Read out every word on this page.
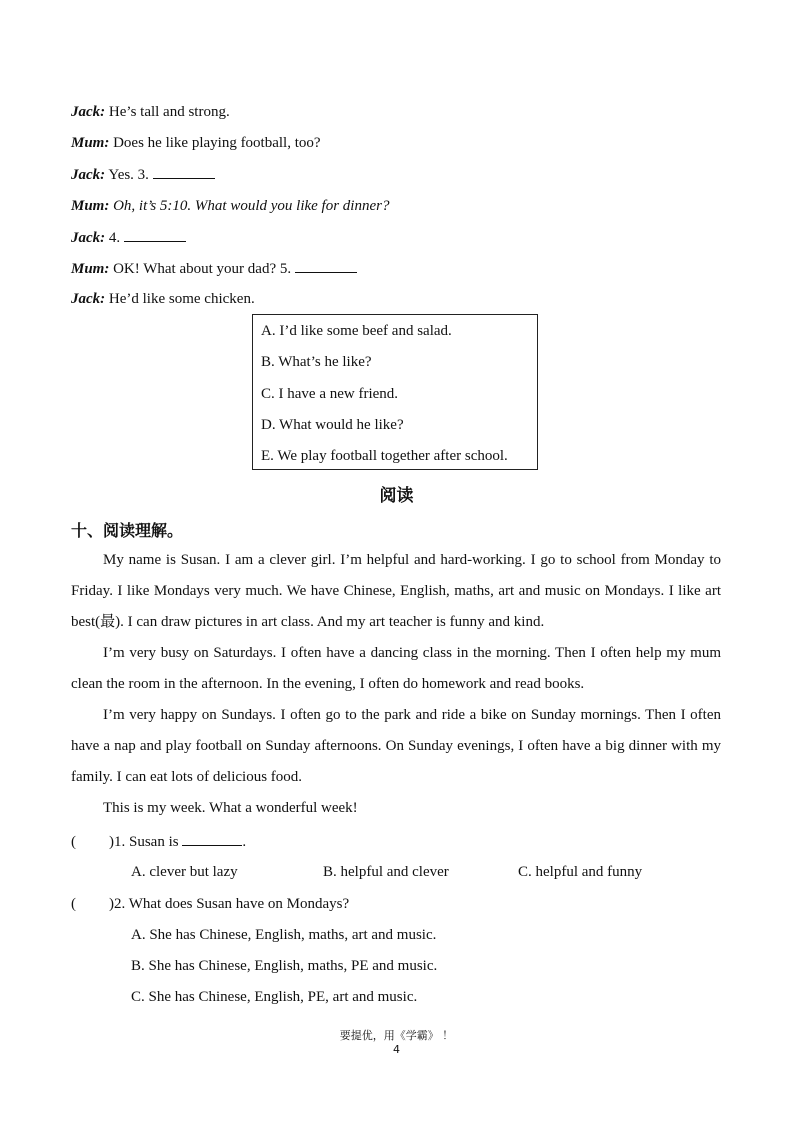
Jack: He’s tall and strong.
Mum: Does he like playing football, too?
Jack: Yes. 3.
Mum: Oh, it’s 5:10. What would you like for dinner?
Jack: 4.
Mum: OK! What about your dad? 5.
Jack: He’d like some chicken.
A. I’d like some beef and salad.
B. What’s he like?
C. I have a new friend.
D. What would he like?
E. We play football together after school.
阅读
十、阅读理解。
My name is Susan. I am a clever girl. I’m helpful and hard-working. I go to school from Monday to Friday. I like Mondays very much. We have Chinese, English, maths, art and music on Mondays. I like art best(最). I can draw pictures in art class. And my art teacher is funny and kind.
I’m very busy on Saturdays. I often have a dancing class in the morning. Then I often help my mum clean the room in the afternoon. In the evening, I often do homework and read books.
I’m very happy on Sundays. I often go to the park and ride a bike on Sunday mornings. Then I often have a nap and play football on Sunday afternoons. On Sunday evenings, I often have a big dinner with my family. I can eat lots of delicious food.
This is my week. What a wonderful week!
( )1. Susan is	.
A. clever but lazy	B. helpful and clever	C. helpful and funny
( )2. What does Susan have on Mondays?
A. She has Chinese, English, maths, art and music.
B. She has Chinese, English, maths, PE and music.
C. She has Chinese, English, PE, art and music.
要提优，用《学霸》 ！
4
